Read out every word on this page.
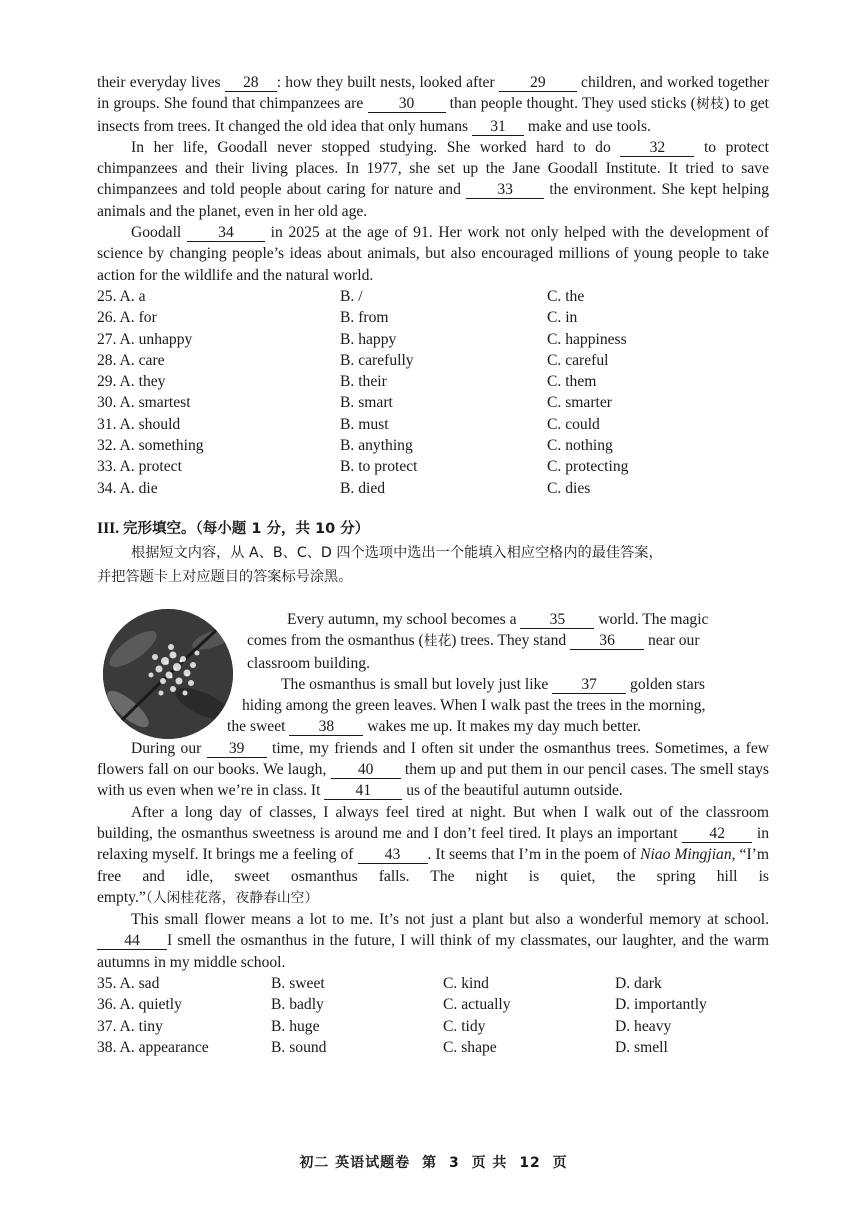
their everyday lives 28 : how they built nests, looked after 29 children, and worked together in groups. She found that chimpanzees are 30 than people thought. They used sticks (树枝) to get insects from trees. It changed the old idea that only humans 31 make and use tools.

In her life, Goodall never stopped studying. She worked hard to do 32 to protect chimpanzees and their living places. In 1977, she set up the Jane Goodall Institute. It tried to save chimpanzees and told people about caring for nature and 33 the environment. She kept helping animals and the planet, even in her old age.

Goodall 34 in 2025 at the age of 91. Her work not only helped with the development of science by changing people’s ideas about animals, but also encouraged millions of young people to take action for the wildlife and the natural world.

25. A. a	B. /	C. the
26. A. for	B. from	C. in
27. A. unhappy	B. happy	C. happiness
28. A. care	B. carefully	C. careful
29. A. they	B. their	C. them
30. A. smartest	B. smart	C. smarter
31. A. should	B. must	C. could
32. A. something	B. anything	C. nothing
33. A. protect	B. to protect	C. protecting
34. A. die	B. died	C. dies
III. 完形填空。（每小题 1 分，共 10 分）

根据短文内容，从 A、B、C、D 四个选项中选出一个能填入相应空格内的最佳答案，

并把答题卡上对应题目的答案标号涂黑。

Every autumn, my school becomes a 35 world. The magic

comes from the osmanthus (桂花) trees. They stand 36 near our

classroom building.

The osmanthus is small but lovely just like 37 golden stars

hiding among the green leaves. When I walk past the trees in the morning,

the sweet 38 wakes me up. It makes my day much better.

During our 39 time, my friends and I often sit under the osmanthus trees. Sometimes, a few flowers fall on our books. We laugh, 40 them up and put them in our pencil cases. The smell stays with us even when we’re in class. It 41 us of the beautiful autumn outside.

After a long day of classes, I always feel tired at night. But when I walk out of the classroom building, the osmanthus sweetness is around me and I don’t feel tired. It plays an important 42 in relaxing myself. It brings me a feeling of 43 . It seems that I’m in the poem of Niao Mingjian, “I’m free and idle, sweet osmanthus falls. The night is quiet, the spring hill is empty.”（人闲桂花落，夜静春山空）

This small flower means a lot to me. It’s not just a plant but also a wonderful memory at school.44 I smell the osmanthus in the future, I will think of my classmates, our laughter, and the warm autumns in my middle school.

35. A. sad	B. sweet	C. kind	D. dark
36. A. quietly	B. badly	C. actually	D. importantly
37. A. tiny	B. huge	C. tidy	D. heavy
38. A. appearance	B. sound	C. shape	D. smell
初二 英语试题卷 第 3 页 共 12 页
